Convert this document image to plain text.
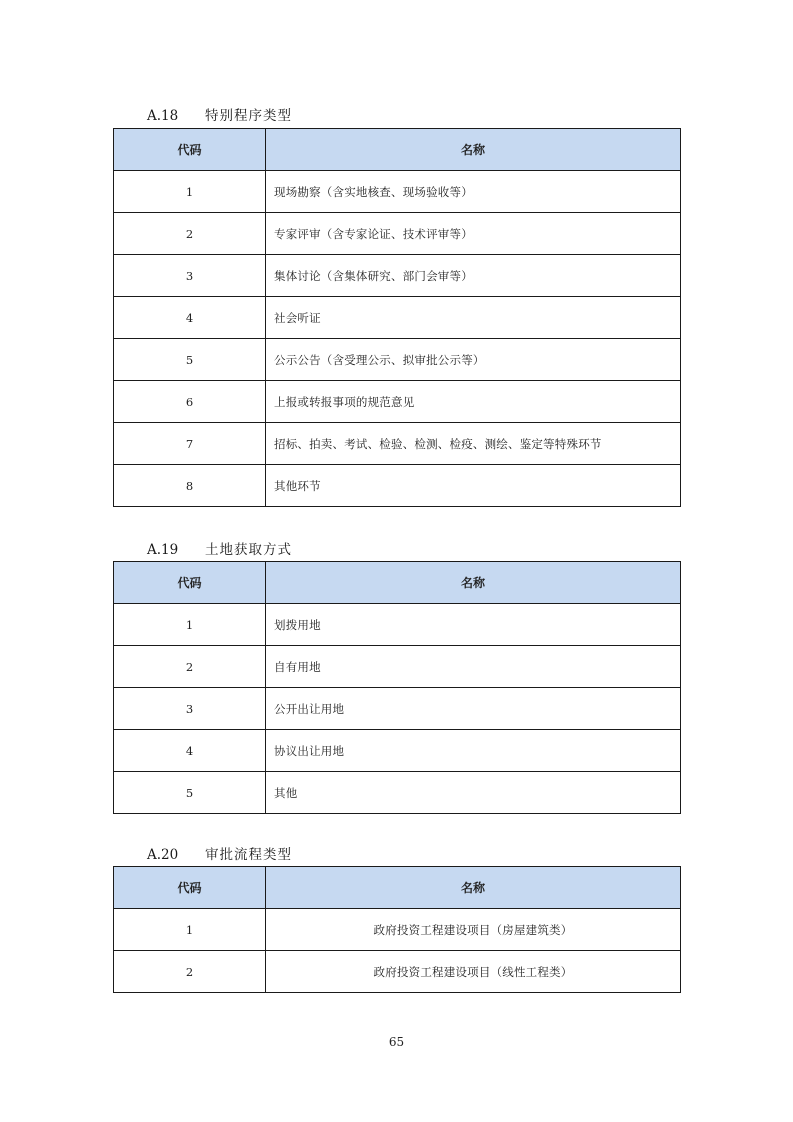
A.18 特别程序类型
代码	名称
1	现场勘察（含实地核查、现场验收等）
2	专家评审（含专家论证、技术评审等）
3	集体讨论（含集体研究、部门会审等）
4	社会听证
5	公示公告（含受理公示、拟审批公示等）
6	上报或转报事项的规范意见
7	招标、拍卖、考试、检验、检测、检疫、测绘、鉴定等特殊环节
8	其他环节
A.19 土地获取方式
代码	名称
1	划拨用地
2	自有用地
3	公开出让用地
4	协议出让用地
5	其他
A.20 审批流程类型
代码	名称
1	政府投资工程建设项目（房屋建筑类）
2	政府投资工程建设项目（线性工程类）
65
